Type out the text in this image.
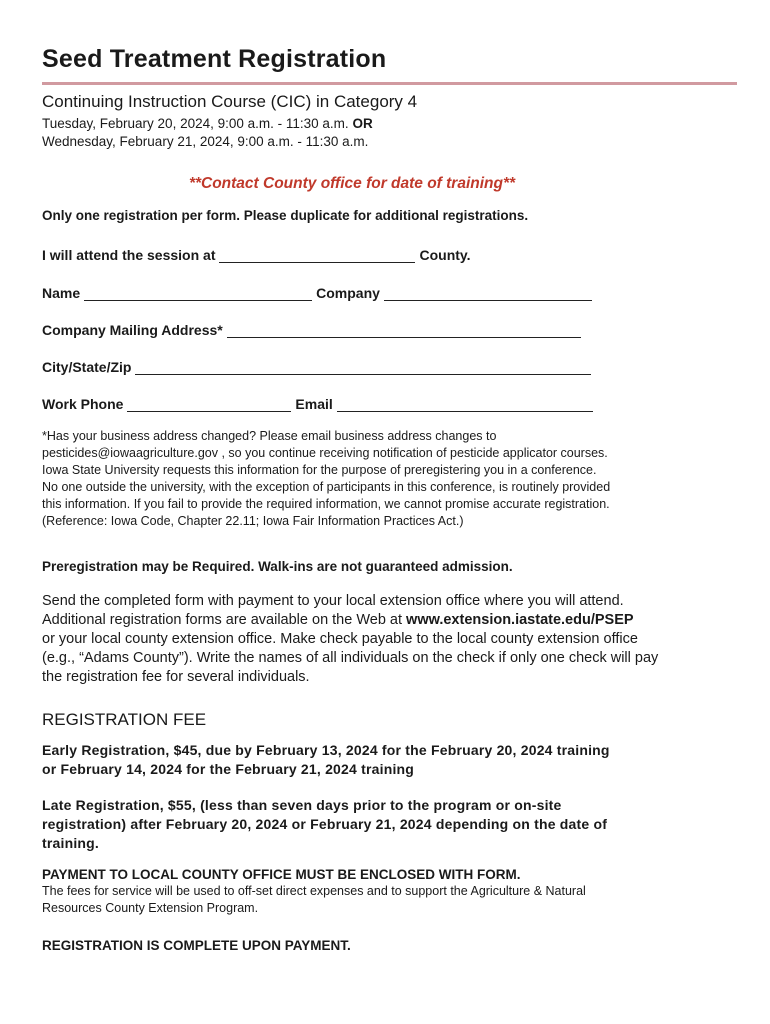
Seed Treatment Registration
Continuing Instruction Course (CIC) in Category 4
Tuesday, February 20, 2024, 9:00 a.m. - 11:30 a.m. OR
Wednesday, February 21, 2024, 9:00 a.m. - 11:30 a.m.
**Contact County office for date of training**
Only one registration per form. Please duplicate for additional registrations.
I will attend the session at	County.
Name	Company
Company Mailing Address*
City/State/Zip
Work Phone	Email
*Has your business address changed? Please email business address changes to
pesticides@iowaagriculture.gov , so you continue receiving notification of pesticide applicator courses.
Iowa State University requests this information for the purpose of preregistering you in a conference.
No one outside the university, with the exception of participants in this conference, is routinely provided
this information. If you fail to provide the required information, we cannot promise accurate registration.
(Reference: Iowa Code, Chapter 22.11; Iowa Fair Information Practices Act.)
Preregistration may be Required. Walk-ins are not guaranteed admission.
Send the completed form with payment to your local extension office where you will attend.
Additional registration forms are available on the Web at www.extension.iastate.edu/PSEP
or your local county extension office. Make check payable to the local county extension office
(e.g., “Adams County”). Write the names of all individuals on the check if only one check will pay
the registration fee for several individuals.
REGISTRATION FEE
Early Registration, $45, due by February 13, 2024 for the February 20, 2024 training
or February 14, 2024 for the February 21, 2024 training
Late Registration, $55, (less than seven days prior to the program or on-site
registration) after February 20, 2024 or February 21, 2024 depending on the date of
training.
PAYMENT TO LOCAL COUNTY OFFICE MUST BE ENCLOSED WITH FORM.
The fees for service will be used to off-set direct expenses and to support the Agriculture & Natural
Resources County Extension Program.
REGISTRATION IS COMPLETE UPON PAYMENT.
